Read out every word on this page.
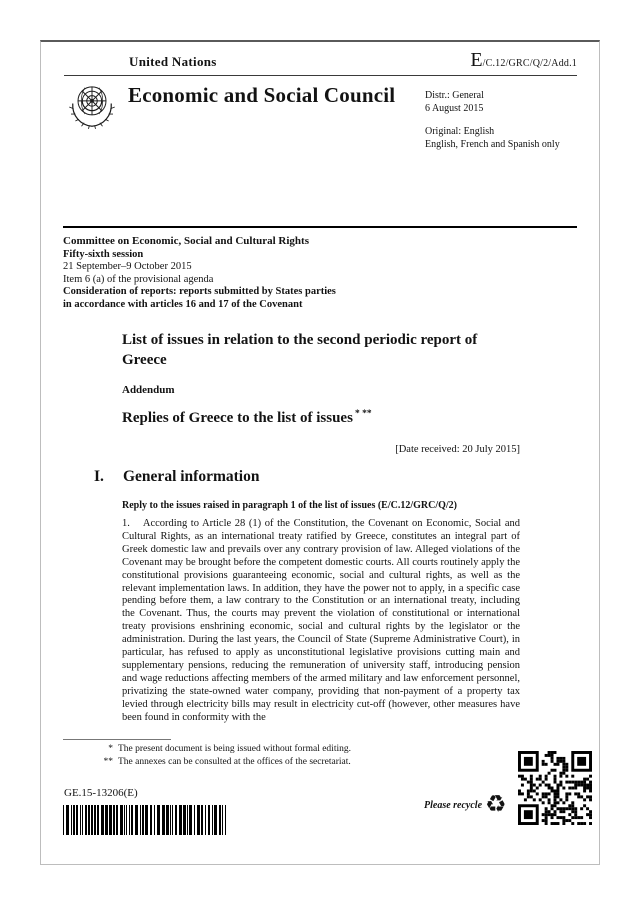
United Nations	E /C.12/GRC/Q/2/Add.1
Economic and Social Council	Distr.: General
6 August 2015
Original: English
English, French and Spanish only
Committee on Economic, Social and Cultural Rights
Fifty-sixth session
21 September–9 October 2015
Item 6 (a) of the provisional agenda
Consideration of reports: reports submitted by States parties
in accordance with articles 16 and 17 of the Covenant
List of issues in relation to the second periodic report of Greece
Addendum
Replies of Greece to the list of issues * **
[Date received: 20 July 2015]
I.	General information
Reply to the issues raised in paragraph 1 of the list of issues (E/C.12/GRC/Q/2)

1. According to Article 28 (1) of the Constitution, the Covenant on Economic, Social and Cultural Rights, as an international treaty ratified by Greece, constitutes an integral part of Greek domestic law and prevails over any contrary provision of law. Alleged violations of the Covenant may be brought before the competent domestic courts. All courts routinely apply the constitutional provisions guaranteeing economic, social and cultural rights, as well as the relevant implementation laws. In addition, they have the power not to apply, in a specific case pending before them, a law contrary to the Constitution or an international treaty, including the Covenant. Thus, the courts may prevent the violation of constitutional or international treaty provisions enshrining economic, social and cultural rights by the legislator or the administration. During the last years, the Council of State (Supreme Administrative Court), in particular, has refused to apply as unconstitutional legislative provisions cutting main and supplementary pensions, reducing the remuneration of university staff, introducing pension and wage reductions affecting members of the armed military and law enforcement personnel, privatizing the state-owned water company, providing that non-payment of a property tax levied through electricity bills may result in electricity cut-off (however, other measures have been found in conformity with the

* The present document is being issued without formal editing.
** The annexes can be consulted at the offices of the secretariat.
GE.15-13206(E)
Please recycle ♻
